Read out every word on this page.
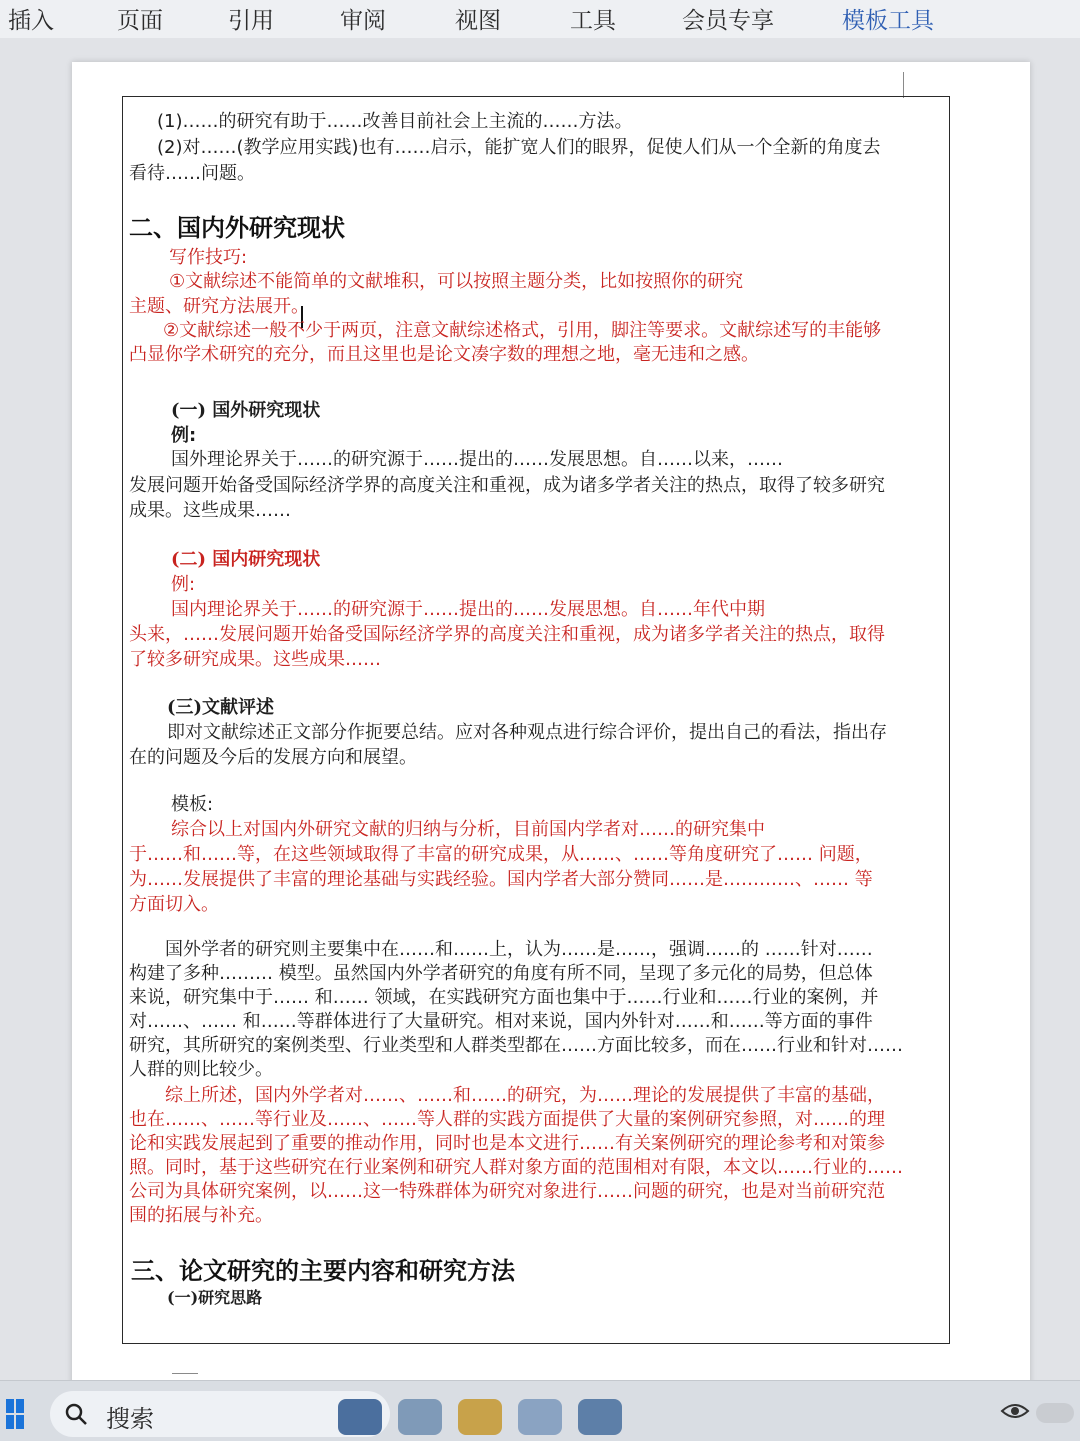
插入	页面	引用	审阅	视图	工具	会员专享	模板工具
(1)……的研究有助于……改善目前社会上主流的……方法。
(2)对……(教学应用实践)也有……启示，能扩宽人们的眼界，促使人们从一个全新的角度去
看待……问题。
二、国内外研究现状
写作技巧:
①文献综述不能简单的文献堆积，可以按照主题分类，比如按照你的研究
主题、研究方法展开。
②文献综述一般不少于两页，注意文献综述格式，引用，脚注等要求。文献综述写的丰能够
凸显你学术研究的充分，而且这里也是论文凑字数的理想之地，毫无违和之感。
(一) 国外研究现状
例:
国外理论界关于……的研究源于……提出的……发展思想。自……以来，……
发展问题开始备受国际经济学界的高度关注和重视，成为诸多学者关注的热点，取得了较多研究
成果。这些成果……
(二) 国内研究现状
例:
国内理论界关于……的研究源于……提出的……发展思想。自……年代中期
头来，……发展问题开始备受国际经济学界的高度关注和重视，成为诸多学者关注的热点，取得
了较多研究成果。这些成果……
(三)文献评述
即对文献综述正文部分作扼要总结。应对各种观点进行综合评价，提出自己的看法，指出存
在的问题及今后的发展方向和展望。
模板:
综合以上对国内外研究文献的归纳与分析，目前国内学者对……的研究集中
于……和……等，在这些领域取得了丰富的研究成果，从……、……等角度研究了…… 问题，
为……发展提供了丰富的理论基础与实践经验。国内学者大部分赞同……是…………、…… 等
方面切入。
国外学者的研究则主要集中在……和……上，认为……是……，强调……的 ……针对……
构建了多种……… 模型。虽然国内外学者研究的角度有所不同，呈现了多元化的局势，但总体
来说，研究集中于…… 和…… 领域，在实践研究方面也集中于……行业和……行业的案例，并
对……、…… 和……等群体进行了大量研究。相对来说，国内外针对……和……等方面的事件
研究，其所研究的案例类型、行业类型和人群类型都在……方面比较多，而在……行业和针对……
人群的则比较少。
综上所述，国内外学者对……、……和……的研究，为……理论的发展提供了丰富的基础，
也在……、……等行业及……、……等人群的实践方面提供了大量的案例研究参照，对……的理
论和实践发展起到了重要的推动作用，同时也是本文进行……有关案例研究的理论参考和对策参
照。同时，基于这些研究在行业案例和研究人群对象方面的范围相对有限，本文以……行业的……
公司为具体研究案例，以……这一特殊群体为研究对象进行……问题的研究，也是对当前研究范
围的拓展与补充。
三、论文研究的主要内容和研究方法
(一)研究思路
搜索
